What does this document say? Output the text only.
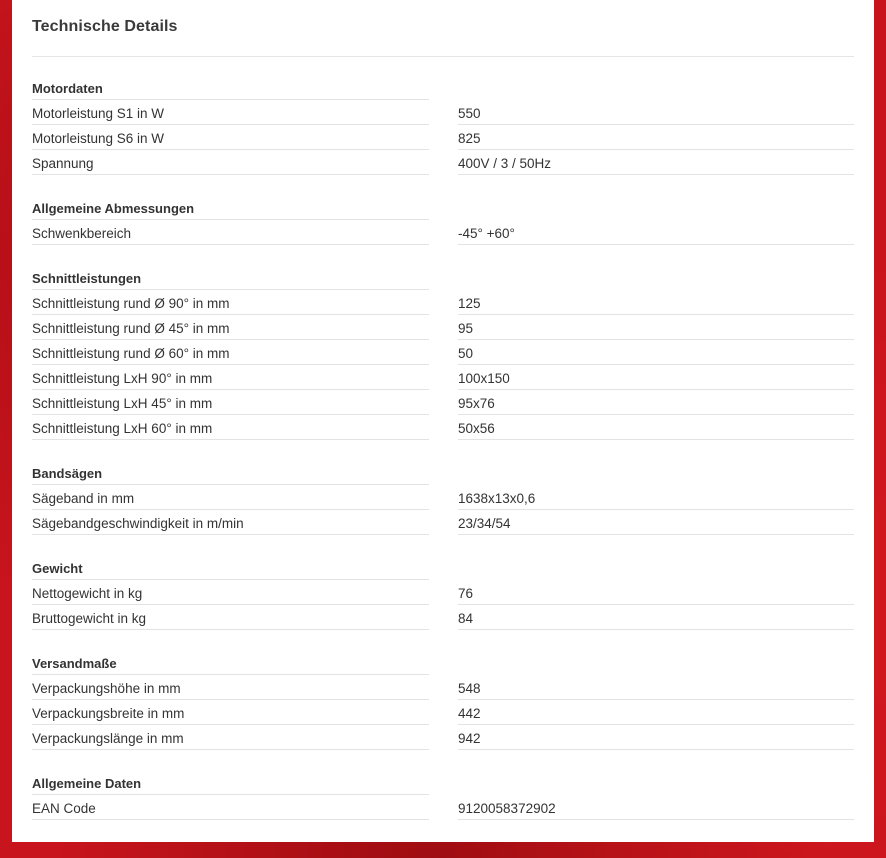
Technische Details
Motordaten
Motorleistung S1 in W	550
Motorleistung S6 in W	825
Spannung	400V / 3 / 50Hz
Allgemeine Abmessungen
Schwenkbereich	-45° +60°
Schnittleistungen
Schnittleistung rund Ø 90° in mm	125
Schnittleistung rund Ø 45° in mm	95
Schnittleistung rund Ø 60° in mm	50
Schnittleistung LxH 90° in mm	100x150
Schnittleistung LxH 45° in mm	95x76
Schnittleistung LxH 60° in mm	50x56
Bandsägen
Sägeband in mm	1638x13x0,6
Sägebandgeschwindigkeit in m/min	23/34/54
Gewicht
Nettogewicht in kg	76
Bruttogewicht in kg	84
Versandmaße
Verpackungshöhe in mm	548
Verpackungsbreite in mm	442
Verpackungslänge in mm	942
Allgemeine Daten
EAN Code	9120058372902
